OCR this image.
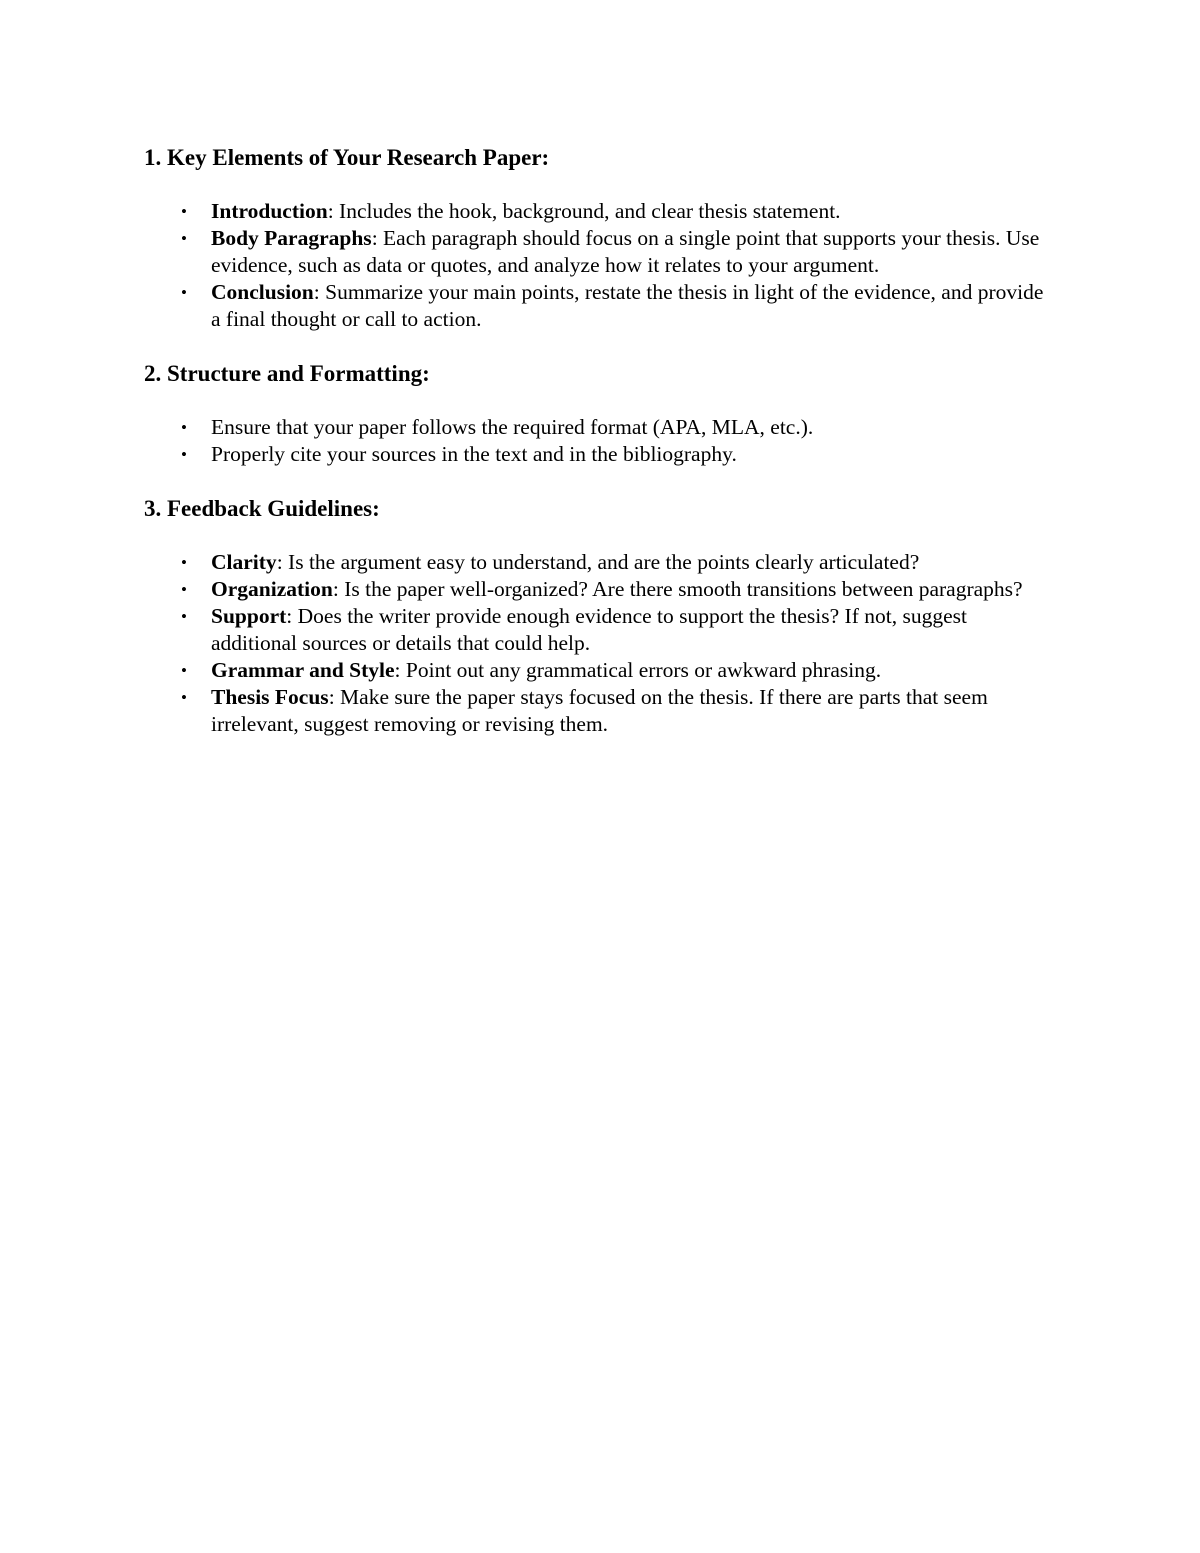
1. Key Elements of Your Research Paper:
•	Introduction: Includes the hook, background, and clear thesis statement.
•	Body Paragraphs: Each paragraph should focus on a single point that supports your thesis. Use evidence, such as data or quotes, and analyze how it relates to your argument.
•	Conclusion: Summarize your main points, restate the thesis in light of the evidence, and provide a final thought or call to action.
2. Structure and Formatting:
•	Ensure that your paper follows the required format (APA, MLA, etc.).
•	Properly cite your sources in the text and in the bibliography.
3. Feedback Guidelines:
•	Clarity: Is the argument easy to understand, and are the points clearly articulated?
•	Organization: Is the paper well-organized? Are there smooth transitions between paragraphs?
•	Support: Does the writer provide enough evidence to support the thesis? If not, suggest additional sources or details that could help.
•	Grammar and Style: Point out any grammatical errors or awkward phrasing.
•	Thesis Focus: Make sure the paper stays focused on the thesis. If there are parts that seem irrelevant, suggest removing or revising them.
